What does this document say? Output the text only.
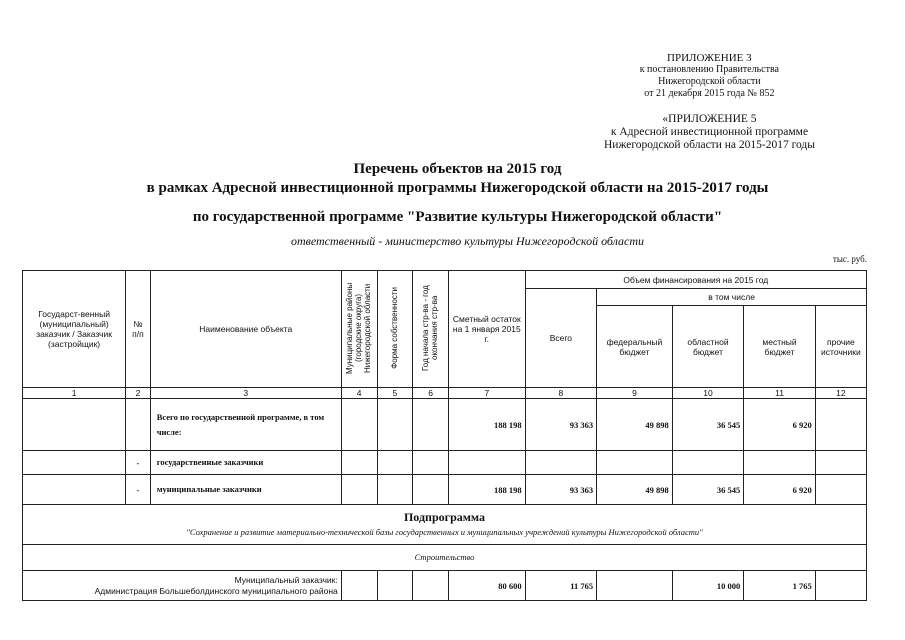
ПРИЛОЖЕНИЕ 3
к постановлению Правительства
Нижегородской области
от 21 декабря 2015 года № 852
«ПРИЛОЖЕНИЕ 5
к Адресной инвестиционной программе
Нижегородской области на 2015-2017 годы
Перечень объектов на 2015 год
в рамках Адресной инвестиционной программы Нижегородской области на 2015-2017 годы
по государственной программе "Развитие культуры Нижегородской области"
ответственный - министерство культуры Нижегородской области
тыс. руб.
Государст-венный (муниципальный) заказчик / Заказчик (застройщик)	№ п/п	Наименование объекта	Муниципальные районы (городские округа) Нижегородской области	Форма собственности	Год начала стр-ва - год окончания стр-ва	Сметный остаток на 1 января 2015 г.	Объем финансирования на 2015 год				
							Всего	в том числе			
								федеральный бюджет	областной бюджет	местный бюджет	прочие источники
1	2	3	4	5	6	7	8	9	10	11	12
		Всего по государственной программе, в том числе:				188 198	93 363	49 898	36 545	6 920	
	-	государственные заказчики									
	-	муниципальные заказчики				188 198	93 363	49 898	36 545	6 920	

Подпрограмма
"Сохранение и развитие материально-технической базы государственных и муниципальных учреждений культуры Нижегородской области"											

Строительство											

Муниципальный заказчик:
Администрация Большеболдинского муниципального района						80 600	11 765		10 000	1 765	
